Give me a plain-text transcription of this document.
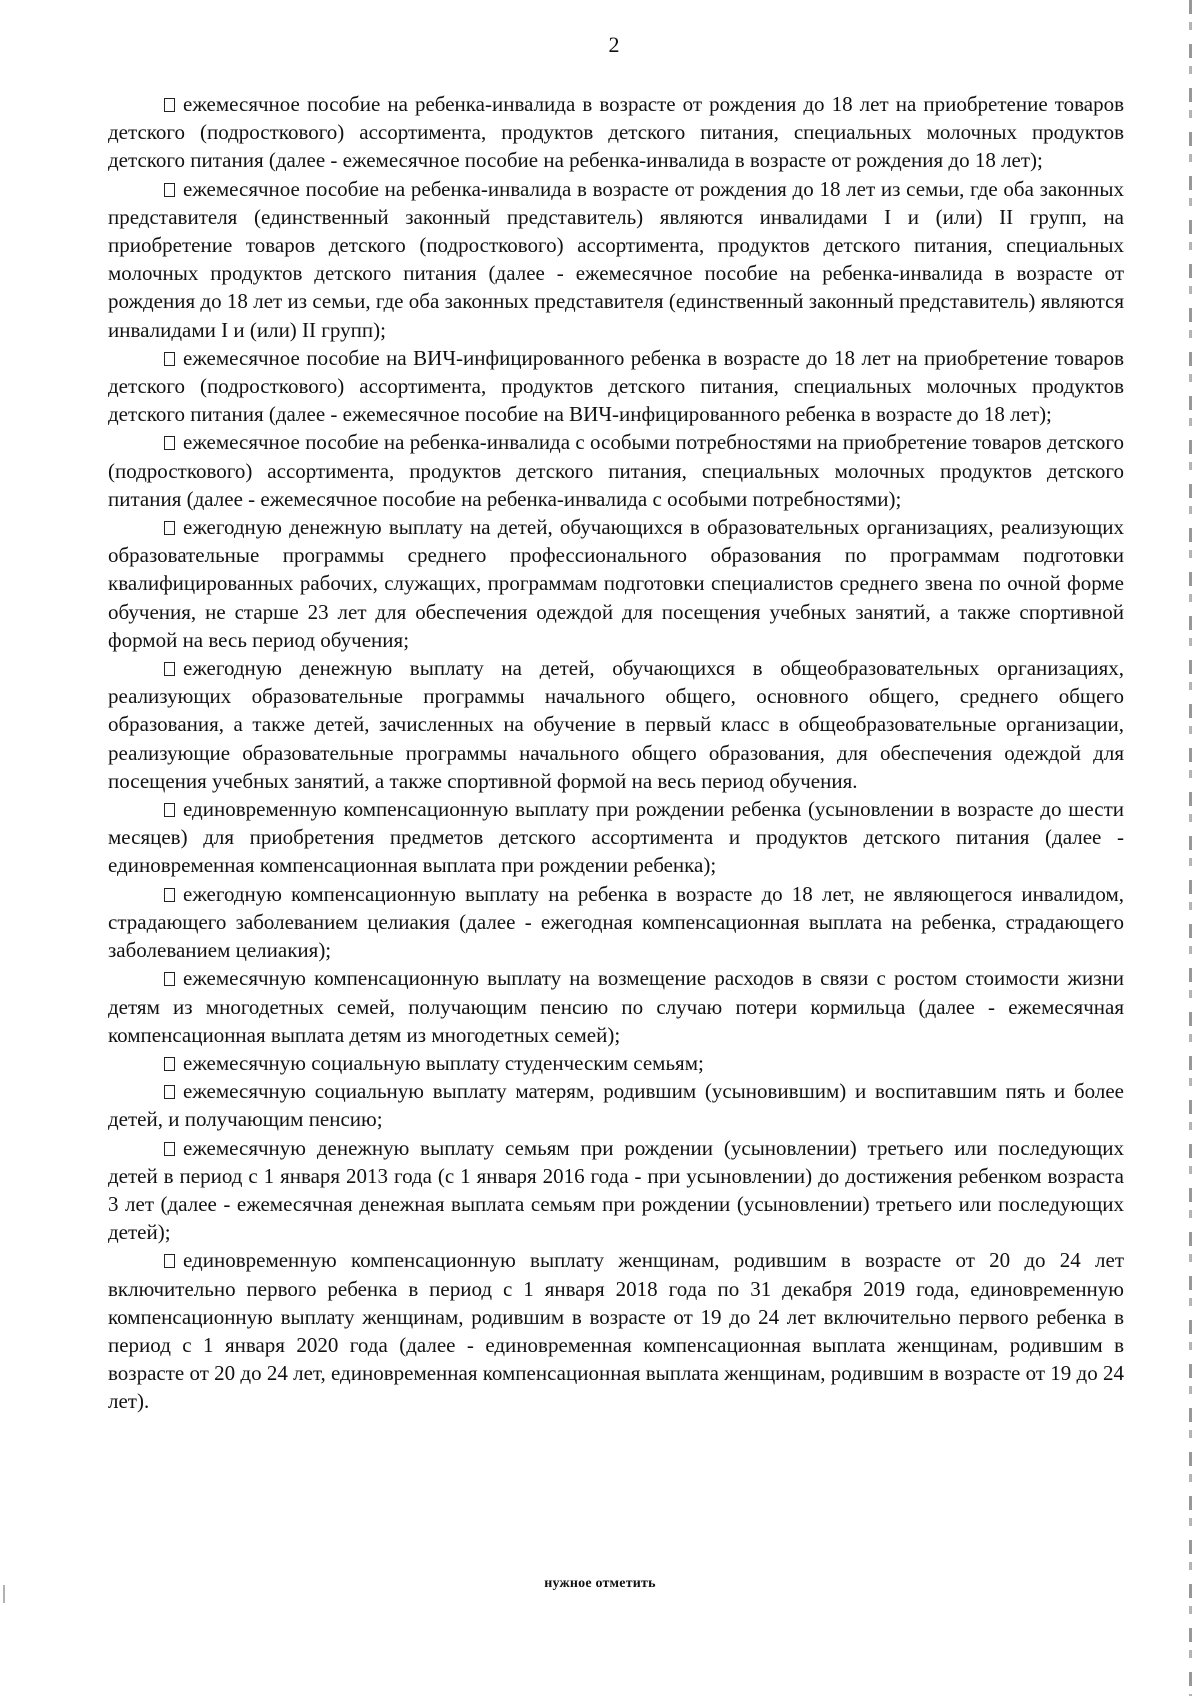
2

ежемесячное пособие на ребенка-инвалида в возрасте от рождения до 18 лет на приобретение товаров детского (подросткового) ассортимента, продуктов детского питания, специальных молочных продуктов детского питания (далее - ежемесячное пособие на ребенка-инвалида в возрасте от рождения до 18 лет);

ежемесячное пособие на ребенка-инвалида в возрасте от рождения до 18 лет из семьи, где оба законных представителя (единственный законный представитель) являются инвалидами I и (или) II групп, на приобретение товаров детского (подросткового) ассортимента, продуктов детского питания, специальных молочных продуктов детского питания (далее - ежемесячное пособие на ребенка-инвалида в возрасте от рождения до 18 лет из семьи, где оба законных представителя (единственный законный представитель) являются инвалидами I и (или) II групп);

ежемесячное пособие на ВИЧ-инфицированного ребенка в возрасте до 18 лет на приобретение товаров детского (подросткового) ассортимента, продуктов детского питания, специальных молочных продуктов детского питания (далее - ежемесячное пособие на ВИЧ-инфицированного ребенка в возрасте до 18 лет);

ежемесячное пособие на ребенка-инвалида с особыми потребностями на приобретение товаров детского (подросткового) ассортимента, продуктов детского питания, специальных молочных продуктов детского питания (далее - ежемесячное пособие на ребенка-инвалида с особыми потребностями);

ежегодную денежную выплату на детей, обучающихся в образовательных организациях, реализующих образовательные программы среднего профессионального образования по программам подготовки квалифицированных рабочих, служащих, программам подготовки специалистов среднего звена по очной форме обучения, не старше 23 лет для обеспечения одеждой для посещения учебных занятий, а также спортивной формой на весь период обучения;

ежегодную денежную выплату на детей, обучающихся в общеобразовательных организациях, реализующих образовательные программы начального общего, основного общего, среднего общего образования, а также детей, зачисленных на обучение в первый класс в общеобразовательные организации, реализующие образовательные программы начального общего образования, для обеспечения одеждой для посещения учебных занятий, а также спортивной формой на весь период обучения.

единовременную компенсационную выплату при рождении ребенка (усыновлении в возрасте до шести месяцев) для приобретения предметов детского ассортимента и продуктов детского питания (далее - единовременная компенсационная выплата при рождении ребенка);

ежегодную компенсационную выплату на ребенка в возрасте до 18 лет, не являющегося инвалидом, страдающего заболеванием целиакия (далее - ежегодная компенсационная выплата на ребенка, страдающего заболеванием целиакия);

ежемесячную компенсационную выплату на возмещение расходов в связи с ростом стоимости жизни детям из многодетных семей, получающим пенсию по случаю потери кормильца (далее - ежемесячная компенсационная выплата детям из многодетных семей);

ежемесячную социальную выплату студенческим семьям;

ежемесячную социальную выплату матерям, родившим (усыновившим) и воспитавшим пять и более детей, и получающим пенсию;

ежемесячную денежную выплату семьям при рождении (усыновлении) третьего или последующих детей в период с 1 января 2013 года (с 1 января 2016 года - при усыновлении) до достижения ребенком возраста 3 лет (далее - ежемесячная денежная выплата семьям при рождении (усыновлении) третьего или последующих детей);

единовременную компенсационную выплату женщинам, родившим в возрасте от 20 до 24 лет включительно первого ребенка в период с 1 января 2018 года по 31 декабря 2019 года, единовременную компенсационную выплату женщинам, родившим в возрасте от 19 до 24 лет включительно первого ребенка в период с 1 января 2020 года (далее - единовременная компенсационная выплата женщинам, родившим в возрасте от 20 до 24 лет, единовременная компенсационная выплата женщинам, родившим в возрасте от 19 до 24 лет).

нужное отметить
